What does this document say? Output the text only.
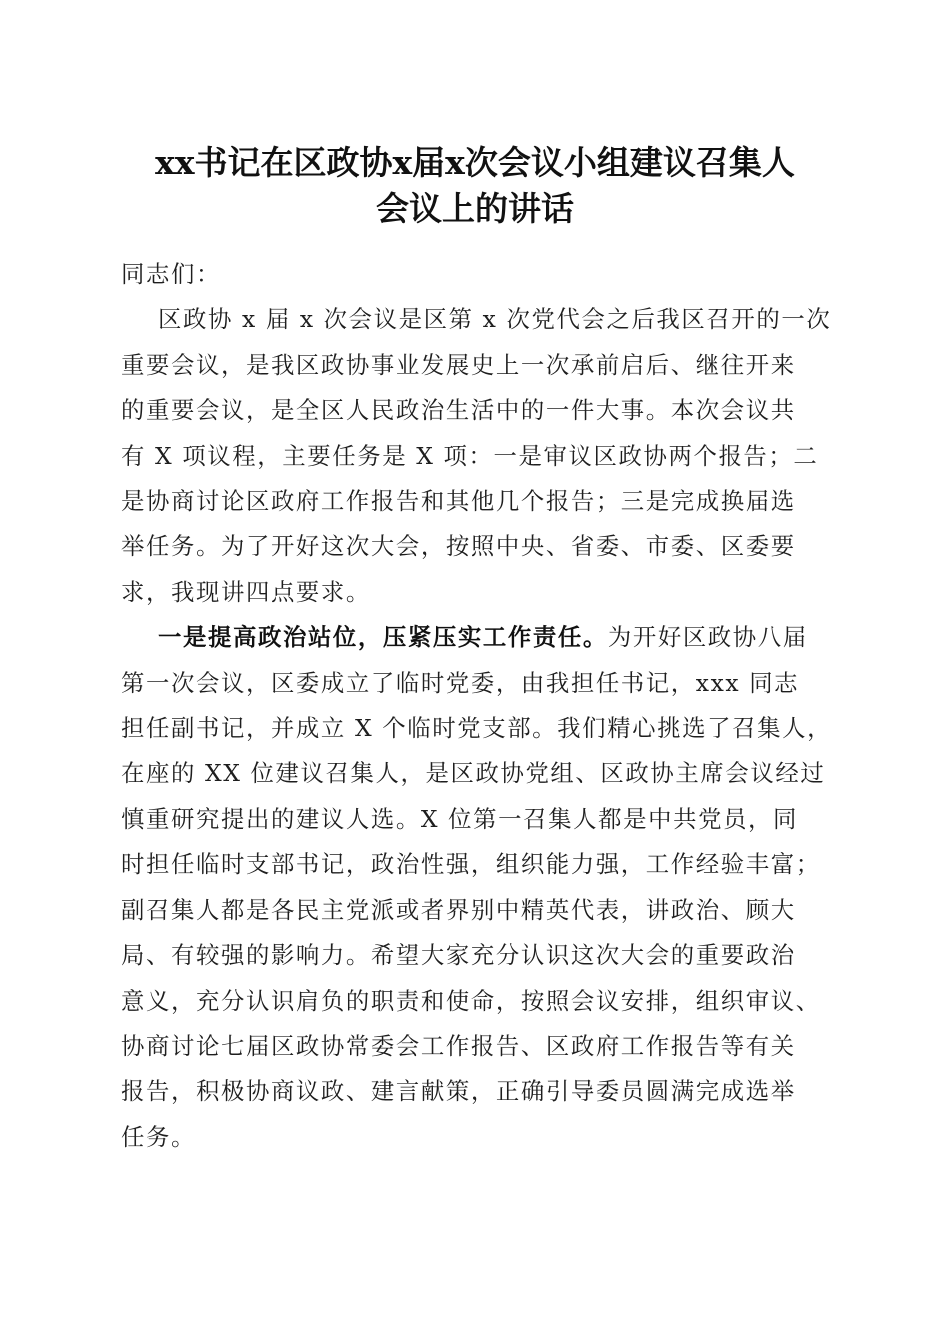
xx书记在区政协x届x次会议小组建议召集人
会议上的讲话
同志们：
区政协 x 届 x 次会议是区第 x 次党代会之后我区召开的一次
重要会议，是我区政协事业发展史上一次承前启后、继往开来
的重要会议，是全区人民政治生活中的一件大事。本次会议共
有 X 项议程，主要任务是 X 项：一是审议区政协两个报告；二
是协商讨论区政府工作报告和其他几个报告；三是完成换届选
举任务。为了开好这次大会，按照中央、省委、市委、区委要
求，我现讲四点要求。
一是提高政治站位，压紧压实工作责任。为开好区政协八届
第一次会议，区委成立了临时党委，由我担任书记，xxx 同志
担任副书记，并成立 X 个临时党支部。我们精心挑选了召集人，
在座的 XX 位建议召集人，是区政协党组、区政协主席会议经过
慎重研究提出的建议人选。X 位第一召集人都是中共党员，同
时担任临时支部书记，政治性强，组织能力强，工作经验丰富；
副召集人都是各民主党派或者界别中精英代表，讲政治、顾大
局、有较强的影响力。希望大家充分认识这次大会的重要政治
意义，充分认识肩负的职责和使命，按照会议安排，组织审议、
协商讨论七届区政协常委会工作报告、区政府工作报告等有关
报告，积极协商议政、建言献策，正确引导委员圆满完成选举
任务。
